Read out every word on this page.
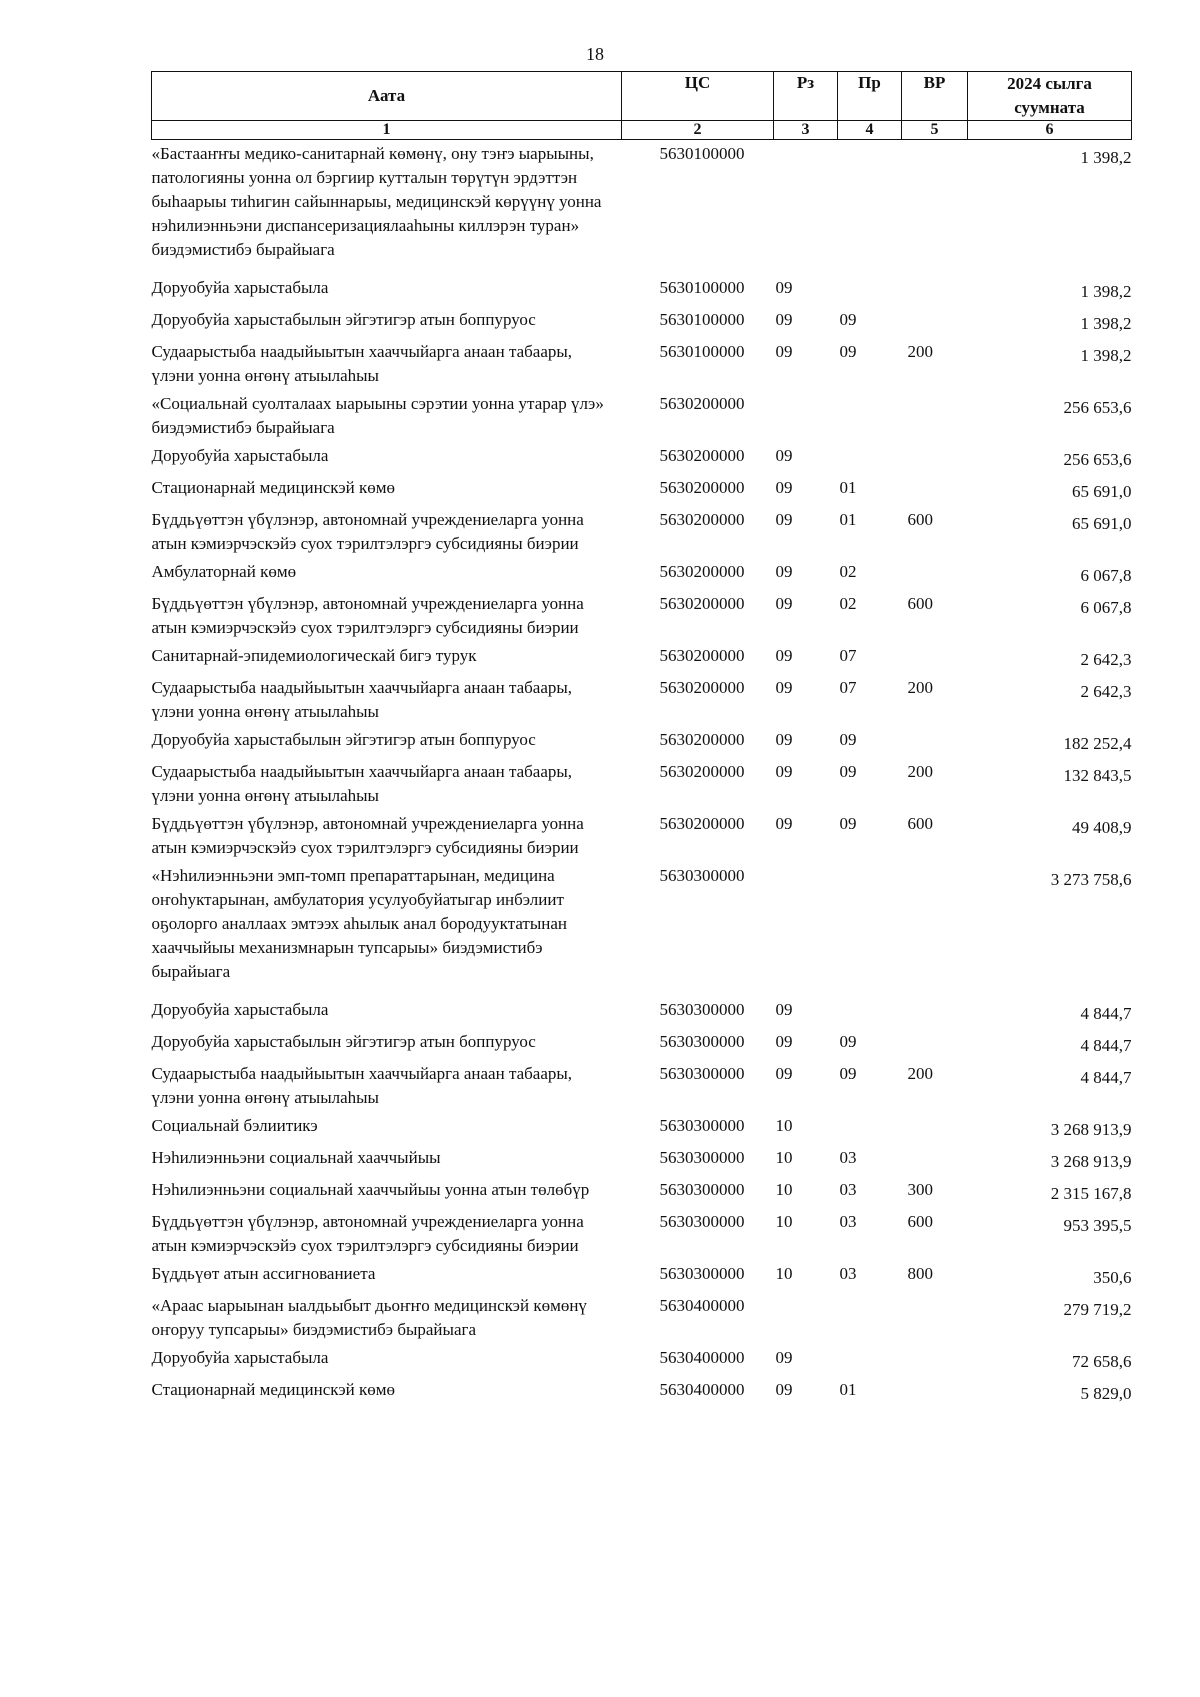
18
Аата	ЦС	Рз	Пр	ВР	2024 сылга суумната
1	2	3	4	5	6
«Бастааҥҥы медико-санитарнай көмөнү, ону тэҥэ ыарыыны, патологияны уонна ол бэргиир кутталын төрүтүн эрдэттэн быһаарыы тиһигин сайыннарыы, медицинскэй көрүүнү уонна нэһилиэнньэни диспансеризациялааһыны киллэрэн туран» биэдэмистибэ бырайыага	5630100000				1 398,2
Доруобуйа харыстабыла	5630100000	09			1 398,2
Доруобуйа харыстабылын эйгэтигэр атын боппуруос	5630100000	09	09		1 398,2
Судаарыстыба наадыйыытын хааччыйарга анаан табаары, үлэни уонна өҥөнү атыылаһыы	5630100000	09	09	200	1 398,2
«Социальнай суолталаах ыарыыны сэрэтии уонна утарар үлэ» биэдэмистибэ бырайыага	5630200000				256 653,6
Доруобуйа харыстабыла	5630200000	09			256 653,6
Стационарнай медицинскэй көмө	5630200000	09	01		65 691,0
Бүддьүөттэн үбүлэнэр, автономнай учреждениеларга уонна атын кэмиэрчэскэйэ суох тэрилтэлэргэ субсидияны биэрии	5630200000	09	01	600	65 691,0
Амбулаторнай көмө	5630200000	09	02		6 067,8
Бүддьүөттэн үбүлэнэр, автономнай учреждениеларга уонна атын кэмиэрчэскэйэ суох тэрилтэлэргэ субсидияны биэрии	5630200000	09	02	600	6 067,8
Санитарнай-эпидемиологическай бигэ турук	5630200000	09	07		2 642,3
Судаарыстыба наадыйыытын хааччыйарга анаан табаары, үлэни уонна өҥөнү атыылаһыы	5630200000	09	07	200	2 642,3
Доруобуйа харыстабылын эйгэтигэр атын боппуруос	5630200000	09	09		182 252,4
Судаарыстыба наадыйыытын хааччыйарга анаан табаары, үлэни уонна өҥөнү атыылаһыы	5630200000	09	09	200	132 843,5
Бүддьүөттэн үбүлэнэр, автономнай учреждениеларга уонна атын кэмиэрчэскэйэ суох тэрилтэлэргэ субсидияны биэрии	5630200000	09	09	600	49 408,9
«Нэһилиэнньэни эмп-томп препараттарынан, медицина оҥоһуктарынан, амбулатория усулуобуйатыгар инбэлиит оҕолорго аналлаах эмтээх аһылык анал бородууктатынан хааччыйыы механизмнарын тупсарыы» биэдэмистибэ бырайыага	5630300000				3 273 758,6
Доруобуйа харыстабыла	5630300000	09			4 844,7
Доруобуйа харыстабылын эйгэтигэр атын боппуруос	5630300000	09	09		4 844,7
Судаарыстыба наадыйыытын хааччыйарга анаан табаары, үлэни уонна өҥөнү атыылаһыы	5630300000	09	09	200	4 844,7
Социальнай бэлиитикэ	5630300000	10			3 268 913,9
Нэһилиэнньэни социальнай хааччыйыы	5630300000	10	03		3 268 913,9
Нэһилиэнньэни социальнай хааччыйыы уонна атын төлөбүр	5630300000	10	03	300	2 315 167,8
Бүддьүөттэн үбүлэнэр, автономнай учреждениеларга уонна атын кэмиэрчэскэйэ суох тэрилтэлэргэ субсидияны биэрии	5630300000	10	03	600	953 395,5
Бүддьүөт атын ассигнованиета	5630300000	10	03	800	350,6
«Араас ыарыынан ыалдьыбыт дьоҥҥо медицинскэй көмөнү оҥоруу тупсарыы» биэдэмистибэ бырайыага	5630400000				279 719,2
Доруобуйа харыстабыла	5630400000	09			72 658,6
Стационарнай медицинскэй көмө	5630400000	09	01		5 829,0
